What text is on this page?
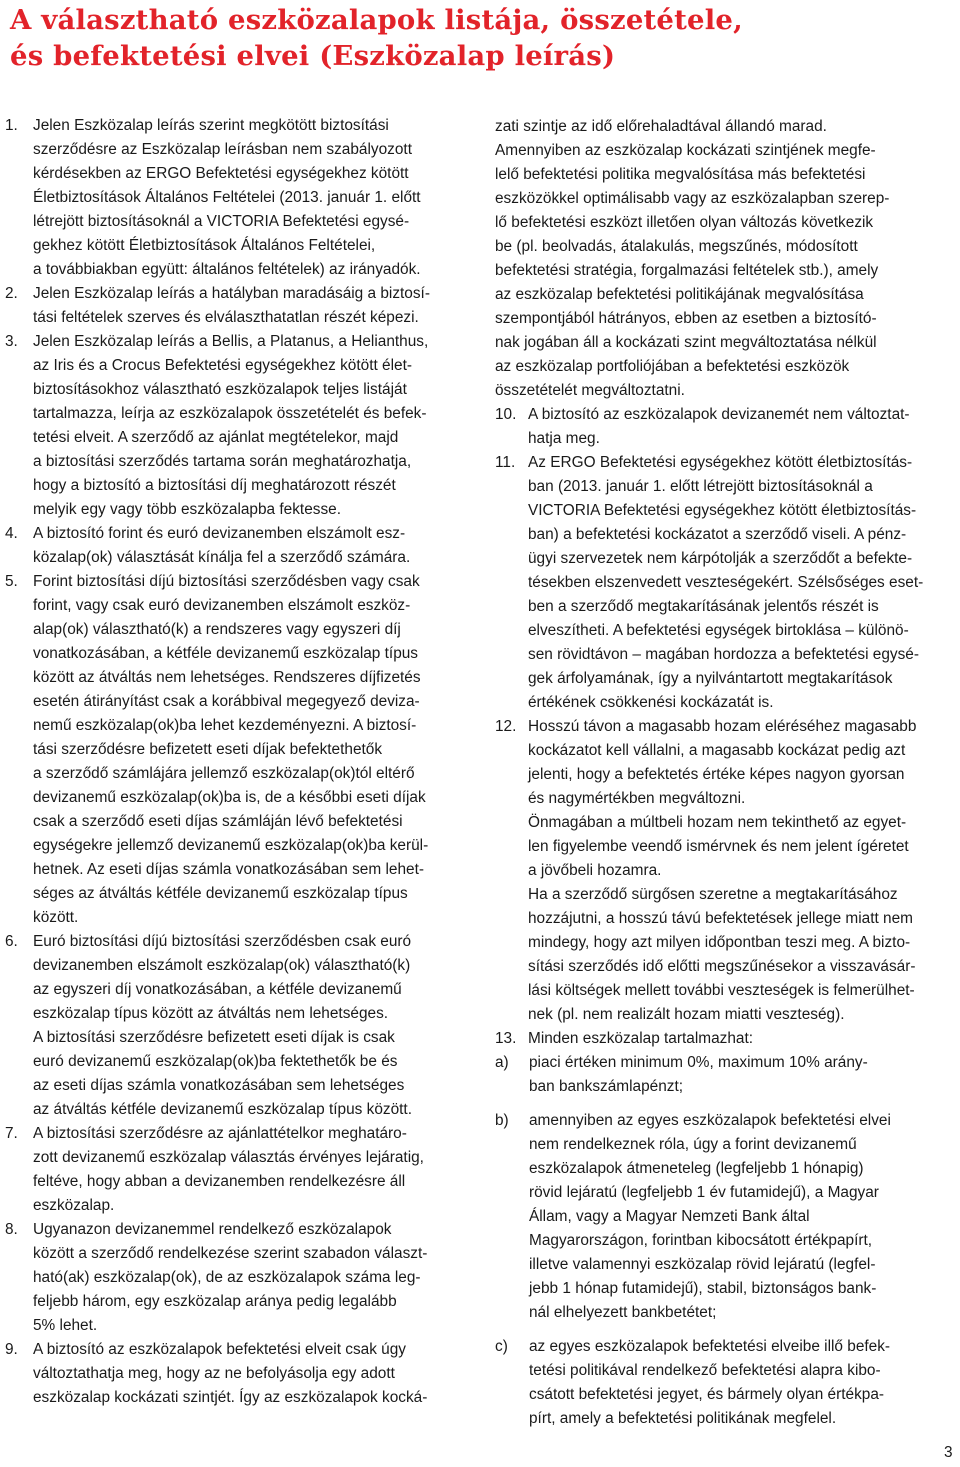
A választható eszközalapok listája, összetétele,
és befektetési elvei (Eszközalap leírás)
1. Jelen Eszközalap leírás szerint megkötött biztosítási
szerződésre az Eszközalap leírásban nem szabályozott
kérdésekben az ERGO Befektetési egységekhez kötött
Életbiztosítások Általános Feltételei (2013. január 1. előtt
létrejött biztosításoknál a VICTORIA Befektetési egysé-
gekhez kötött Életbiztosítások Általános Feltételei,
a továbbiakban együtt: általános feltételek) az irányadók.
2. Jelen Eszközalap leírás a hatályban maradásáig a biztosí-
tási feltételek szerves és elválaszthatatlan részét képezi.
3. Jelen Eszközalap leírás a Bellis, a Platanus, a Helianthus,
az Iris és a Crocus Befektetési egységekhez kötött élet-
biztosításokhoz választható eszközalapok teljes listáját
tartalmazza, leírja az eszközalapok összetételét és befek-
tetési elveit. A szerződő az ajánlat megtételekor, majd
a biztosítási szerződés tartama során meghatározhatja,
hogy a biztosító a biztosítási díj meghatározott részét
melyik egy vagy több eszközalapba fektesse.
4. A biztosító forint és euró devizanemben elszámolt esz-
közalap(ok) választását kínálja fel a szerződő számára.
5. Forint biztosítási díjú biztosítási szerződésben vagy csak
forint, vagy csak euró devizanemben elszámolt eszköz-
alap(ok) választható(k) a rendszeres vagy egyszeri díj
vonatkozásában, a kétféle devizanemű eszközalap típus
között az átváltás nem lehetséges. Rendszeres díjfizetés
esetén átirányítást csak a korábbival megegyező deviza-
nemű eszközalap(ok)ba lehet kezdeményezni. A biztosí-
tási szerződésre befizetett eseti díjak befektethetők
a szerződő számlájára jellemző eszközalap(ok)tól eltérő
devizanemű eszközalap(ok)ba is, de a későbbi eseti díjak
csak a szerződő eseti díjas számláján lévő befektetési
egységekre jellemző devizanemű eszközalap(ok)ba kerül-
hetnek. Az eseti díjas számla vonatkozásában sem lehet-
séges az átváltás kétféle devizanemű eszközalap típus
között.
6. Euró biztosítási díjú biztosítási szerződésben csak euró
devizanemben elszámolt eszközalap(ok) választható(k)
az egyszeri díj vonatkozásában, a kétféle devizanemű
eszközalap típus között az átváltás nem lehetséges.
A biztosítási szerződésre befizetett eseti díjak is csak
euró devizanemű eszközalap(ok)ba fektethetők be és
az eseti díjas számla vonatkozásában sem lehetséges
az átváltás kétféle devizanemű eszközalap típus között.
7. A biztosítási szerződésre az ajánlattételkor meghatáro-
zott devizanemű eszközalap választás érvényes lejáratig,
feltéve, hogy abban a devizanemben rendelkezésre áll
eszközalap.
8. Ugyanazon devizanemmel rendelkező eszközalapok
között a szerződő rendelkezése szerint szabadon választ-
ható(ak) eszközalap(ok), de az eszközalapok száma leg-
feljebb három, egy eszközalap aránya pedig legalább
5% lehet.
9. A biztosító az eszközalapok befektetési elveit csak úgy
változtathatja meg, hogy az ne befolyásolja egy adott
eszközalap kockázati szintjét. Így az eszközalapok kocká-
zati szintje az idő előrehaladtával állandó marad.
Amennyiben az eszközalap kockázati szintjének megfe-
lelő befektetési politika megvalósítása más befektetési
eszközökkel optimálisabb vagy az eszközalapban szerep-
lő befektetési eszközt illetően olyan változás következik
be (pl. beolvadás, átalakulás, megszűnés, módosított
befektetési stratégia, forgalmazási feltételek stb.), amely
az eszközalap befektetési politikájának megvalósítása
szempontjából hátrányos, ebben az esetben a biztosító-
nak jogában áll a kockázati szint megváltoztatása nélkül
az eszközalap portfoliójában a befektetési eszközök
összetételét megváltoztatni.
10. A biztosító az eszközalapok devizanemét nem változtat-
hatja meg.
11. Az ERGO Befektetési egységekhez kötött életbiztosítás-
ban (2013. január 1. előtt létrejött biztosításoknál a
VICTORIA Befektetési egységekhez kötött életbiztosítás-
ban) a befektetési kockázatot a szerződő viseli. A pénz-
ügyi szervezetek nem kárpótolják a szerződőt a befekte-
tésekben elszenvedett veszteségekért. Szélsőséges eset-
ben a szerződő megtakarításának jelentős részét is
elveszítheti. A befektetési egységek birtoklása – különö-
sen rövidtávon – magában hordozza a befektetési egysé-
gek árfolyamának, így a nyilvántartott megtakarítások
értékének csökkenési kockázatát is.
12. Hosszú távon a magasabb hozam eléréséhez magasabb
kockázatot kell vállalni, a magasabb kockázat pedig azt
jelenti, hogy a befektetés értéke képes nagyon gyorsan
és nagymértékben megváltozni.
Önmagában a múltbeli hozam nem tekinthető az egyet-
len figyelembe veendő ismérvnek és nem jelent ígéretet
a jövőbeli hozamra.
Ha a szerződő sürgősen szeretne a megtakarításához
hozzájutni, a hosszú távú befektetések jellege miatt nem
mindegy, hogy azt milyen időpontban teszi meg. A bizto-
sítási szerződés idő előtti megszűnésekor a visszavásár-
lási költségek mellett további veszteségek is felmerülhet-
nek (pl. nem realizált hozam miatti veszteség).
13. Minden eszközalap tartalmazhat:
a) piaci értéken minimum 0%, maximum 10% arány-
ban bankszámlapénzt;
b) amennyiben az egyes eszközalapok befektetési elvei
nem rendelkeznek róla, úgy a forint devizanemű
eszközalapok átmeneteleg (legfeljebb 1 hónapig)
rövid lejáratú (legfeljebb 1 év futamidejű), a Magyar
Állam, vagy a Magyar Nemzeti Bank által
Magyarországon, forintban kibocsátott értékpapírt,
illetve valamennyi eszközalap rövid lejáratú (legfel-
jebb 1 hónap futamidejű), stabil, biztonságos bank-
nál elhelyezett bankbetétet;
c) az egyes eszközalapok befektetési elveibe illő befek-
tetési politikával rendelkező befektetési alapra kibo-
csátott befektetési jegyet, és bármely olyan értékpa-
pírt, amely a befektetési politikának megfelel.
3
